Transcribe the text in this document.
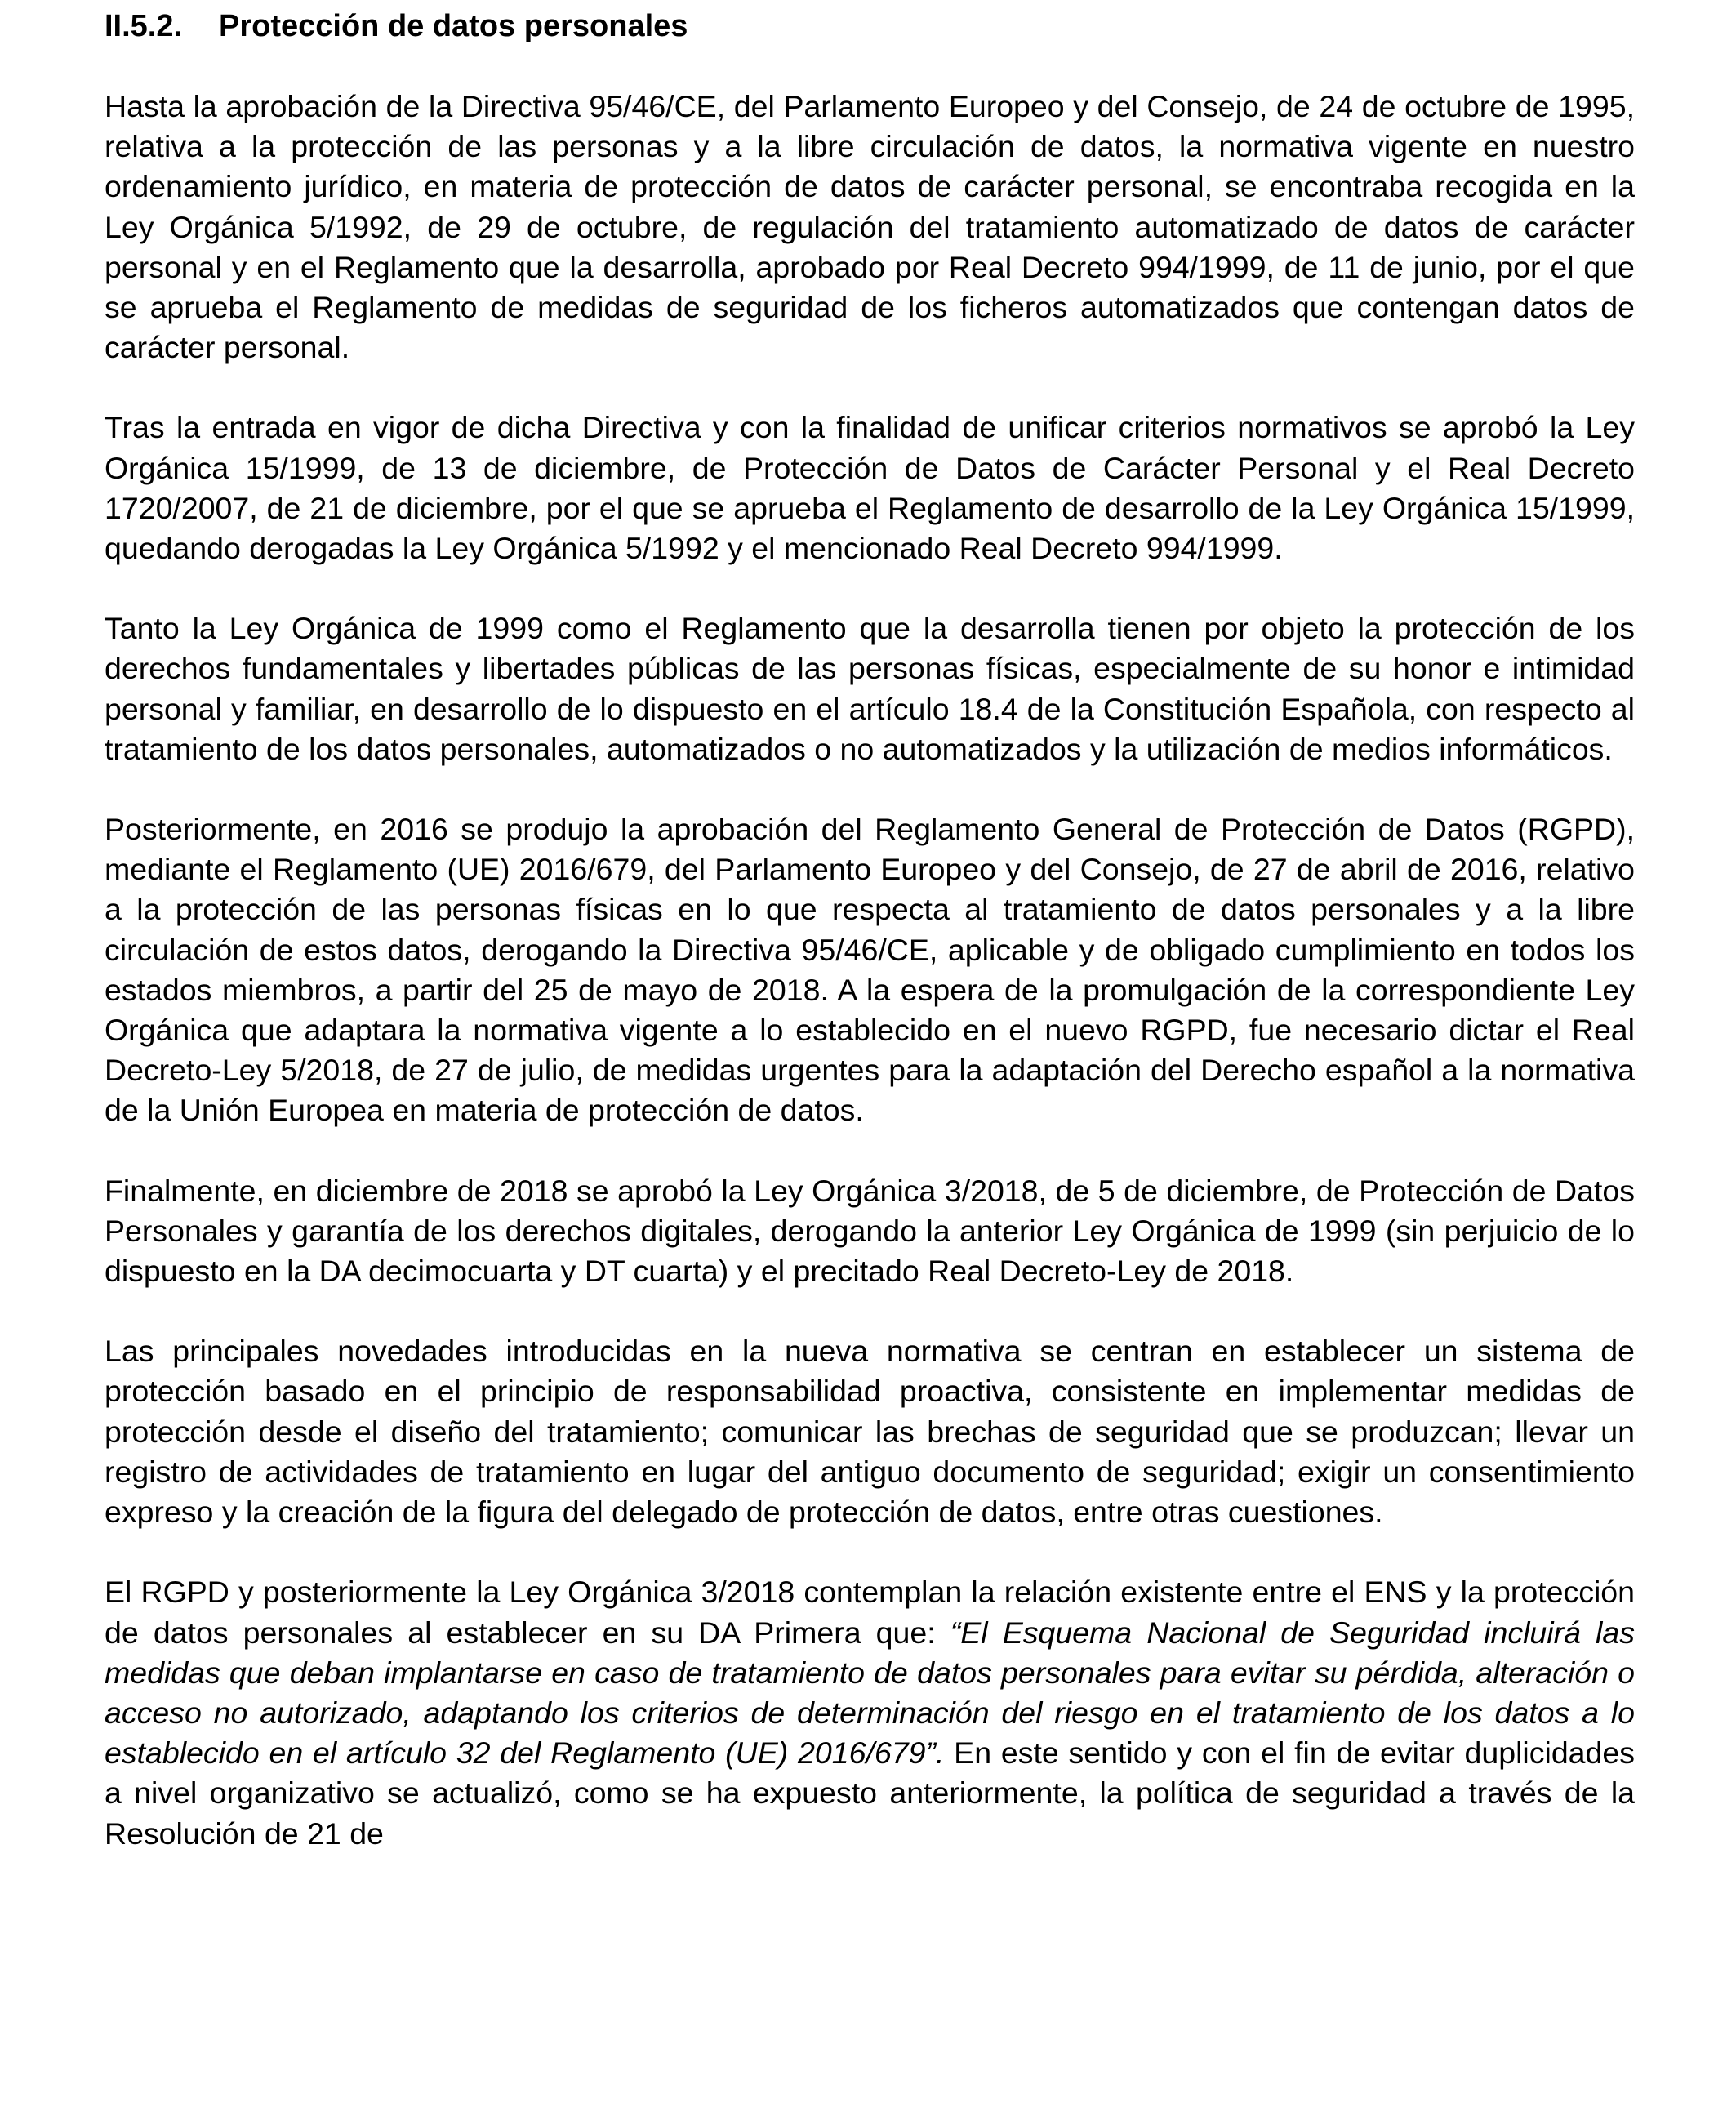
II.5.2. Protección de datos personales

Hasta la aprobación de la Directiva 95/46/CE, del Parlamento Europeo y del Consejo, de 24 de octubre de 1995, relativa a la protección de las personas y a la libre circulación de datos, la normativa vigente en nuestro ordenamiento jurídico, en materia de protección de datos de carácter personal, se encontraba recogida en la Ley Orgánica 5/1992, de 29 de octubre, de regulación del tratamiento automatizado de datos de carácter personal y en el Reglamento que la desarrolla, aprobado por Real Decreto 994/1999, de 11 de junio, por el que se aprueba el Reglamento de medidas de seguridad de los ficheros automatizados que contengan datos de carácter personal.

Tras la entrada en vigor de dicha Directiva y con la finalidad de unificar criterios normativos se aprobó la Ley Orgánica 15/1999, de 13 de diciembre, de Protección de Datos de Carácter Personal y el Real Decreto 1720/2007, de 21 de diciembre, por el que se aprueba el Reglamento de desarrollo de la Ley Orgánica 15/1999, quedando derogadas la Ley Orgánica 5/1992 y el mencionado Real Decreto 994/1999.

Tanto la Ley Orgánica de 1999 como el Reglamento que la desarrolla tienen por objeto la protección de los derechos fundamentales y libertades públicas de las personas físicas, especialmente de su honor e intimidad personal y familiar, en desarrollo de lo dispuesto en el artículo 18.4 de la Constitución Española, con respecto al tratamiento de los datos personales, automatizados o no automatizados y la utilización de medios informáticos.

Posteriormente, en 2016 se produjo la aprobación del Reglamento General de Protección de Datos (RGPD), mediante el Reglamento (UE) 2016/679, del Parlamento Europeo y del Consejo, de 27 de abril de 2016, relativo a la protección de las personas físicas en lo que respecta al tratamiento de datos personales y a la libre circulación de estos datos, derogando la Directiva 95/46/CE, aplicable y de obligado cumplimiento en todos los estados miembros, a partir del 25 de mayo de 2018. A la espera de la promulgación de la correspondiente Ley Orgánica que adaptara la normativa vigente a lo establecido en el nuevo RGPD, fue necesario dictar el Real Decreto-Ley 5/2018, de 27 de julio, de medidas urgentes para la adaptación del Derecho español a la normativa de la Unión Europea en materia de protección de datos.

Finalmente, en diciembre de 2018 se aprobó la Ley Orgánica 3/2018, de 5 de diciembre, de Protección de Datos Personales y garantía de los derechos digitales, derogando la anterior Ley Orgánica de 1999 (sin perjuicio de lo dispuesto en la DA decimocuarta y DT cuarta) y el precitado Real Decreto-Ley de 2018.

Las principales novedades introducidas en la nueva normativa se centran en establecer un sistema de protección basado en el principio de responsabilidad proactiva, consistente en implementar medidas de protección desde el diseño del tratamiento; comunicar las brechas de seguridad que se produzcan; llevar un registro de actividades de tratamiento en lugar del antiguo documento de seguridad; exigir un consentimiento expreso y la creación de la figura del delegado de protección de datos, entre otras cuestiones.

El RGPD y posteriormente la Ley Orgánica 3/2018 contemplan la relación existente entre el ENS y la protección de datos personales al establecer en su DA Primera que: “El Esquema Nacional de Seguridad incluirá las medidas que deban implantarse en caso de tratamiento de datos personales para evitar su pérdida, alteración o acceso no autorizado, adaptando los criterios de determinación del riesgo en el tratamiento de los datos a lo establecido en el artículo 32 del Reglamento (UE) 2016/679”. En este sentido y con el fin de evitar duplicidades a nivel organizativo se actualizó, como se ha expuesto anteriormente, la política de seguridad a través de la Resolución de 21 de
